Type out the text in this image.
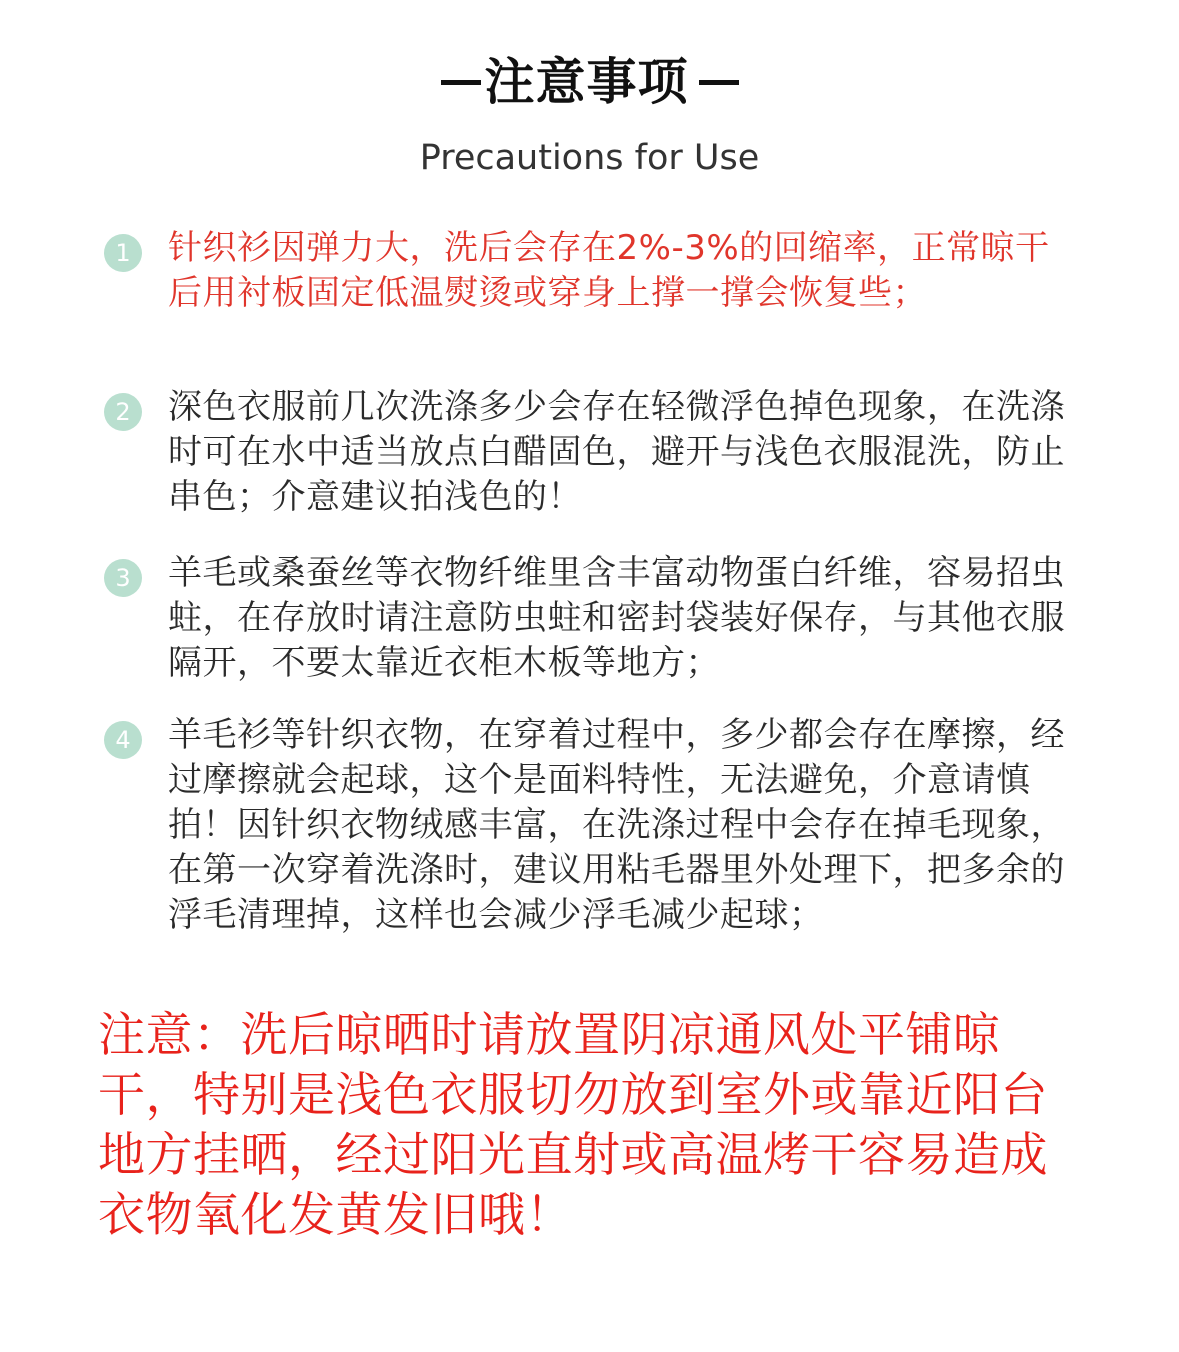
注意事项
Precautions for Use
1	针织衫因弹力大，洗后会存在2%-3%的回缩率，正常晾干后用衬板固定低温熨烫或穿身上撑一撑会恢复些；

2	深色衣服前几次洗涤多少会存在轻微浮色掉色现象，在洗涤时可在水中适当放点白醋固色，避开与浅色衣服混洗，防止串色；介意建议拍浅色的！

3	羊毛或桑蚕丝等衣物纤维里含丰富动物蛋白纤维，容易招虫蛀，在存放时请注意防虫蛀和密封袋装好保存，与其他衣服隔开，不要太靠近衣柜木板等地方；

4	羊毛衫等针织衣物，在穿着过程中，多少都会存在摩擦，经过摩擦就会起球，这个是面料特性，无法避免，介意请慎拍！因针织衣物绒感丰富，在洗涤过程中会存在掉毛现象，在第一次穿着洗涤时，建议用粘毛器里外处理下，把多余的浮毛清理掉，这样也会减少浮毛减少起球；

注意：洗后晾晒时请放置阴凉通风处平铺晾干，特别是浅色衣服切勿放到室外或靠近阳台地方挂晒，经过阳光直射或高温烤干容易造成衣物氧化发黄发旧哦！
